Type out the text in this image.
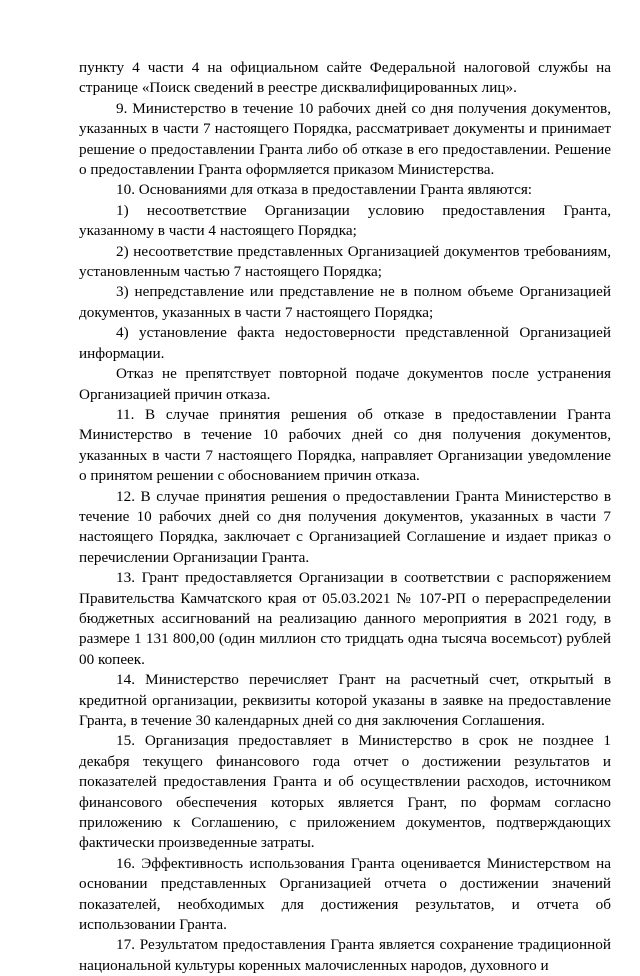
пункту 4 части 4 на официальном сайте Федеральной налоговой службы на странице «Поиск сведений в реестре дисквалифицированных лиц».

9. Министерство в течение 10 рабочих дней со дня получения документов, указанных в части 7 настоящего Порядка, рассматривает документы и принимает решение о предоставлении Гранта либо об отказе в его предоставлении. Решение о предоставлении Гранта оформляется приказом Министерства.

10. Основаниями для отказа в предоставлении Гранта являются:

1) несоответствие Организации условию предоставления Гранта, указанному в части 4 настоящего Порядка;

2) несоответствие представленных Организацией документов требованиям, установленным частью 7 настоящего Порядка;

3) непредставление или представление не в полном объеме Организацией документов, указанных в части 7 настоящего Порядка;

4) установление факта недостоверности представленной Организацией информации.

Отказ не препятствует повторной подаче документов после устранения Организацией причин отказа.

11. В случае принятия решения об отказе в предоставлении Гранта Министерство в течение 10 рабочих дней со дня получения документов, указанных в части 7 настоящего Порядка, направляет Организации уведомление о принятом решении с обоснованием причин отказа.

12. В случае принятия решения о предоставлении Гранта Министерство в течение 10 рабочих дней со дня получения документов, указанных в части 7 настоящего Порядка, заключает с Организацией Соглашение и издает приказ о перечислении Организации Гранта.

13. Грант предоставляется Организации в соответствии с распоряжением Правительства Камчатского края от 05.03.2021 № 107-РП о перераспределении бюджетных ассигнований на реализацию данного мероприятия в 2021 году, в размере 1 131 800,00 (один миллион сто тридцать одна тысяча восемьсот) рублей 00 копеек.

14. Министерство перечисляет Грант на расчетный счет, открытый в кредитной организации, реквизиты которой указаны в заявке на предоставление Гранта, в течение 30 календарных дней со дня заключения Соглашения.

15. Организация предоставляет в Министерство в срок не позднее 1 декабря текущего финансового года отчет о достижении результатов и показателей предоставления Гранта и об осуществлении расходов, источником финансового обеспечения которых является Грант, по формам согласно приложению к Соглашению, с приложением документов, подтверждающих фактически произведенные затраты.

16. Эффективность использования Гранта оценивается Министерством на основании представленных Организацией отчета о достижении значений показателей, необходимых для достижения результатов, и отчета об использовании Гранта.

17. Результатом предоставления Гранта является сохранение традиционной национальной культуры коренных малочисленных народов, духовного и
